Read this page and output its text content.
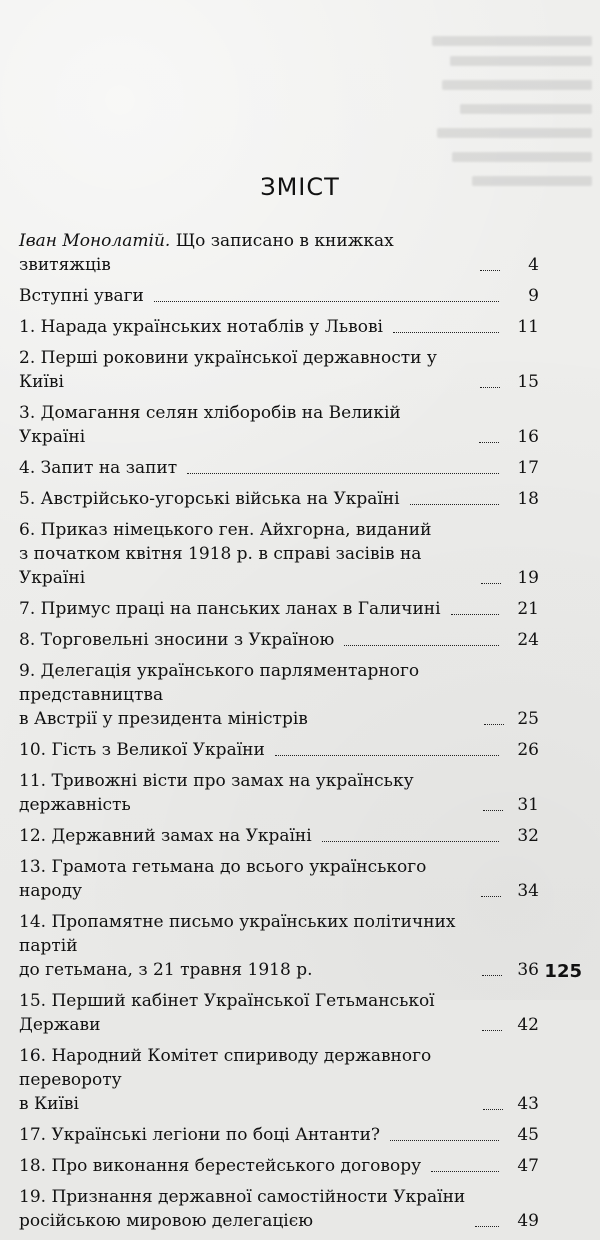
ЗМІСТ
Іван Монолатій. Що записано в книжках звитяжців	4
Вступні уваги	9
1. Нарада українських нотаблів у Львові	11
2. Перші роковини української державности у Київі	15
3. Домагання селян хліборобів на Великій Україні	16
4. Запит на запит	17
5. Австрійсько-угорські війська на Україні	18
6. Приказ німецького ген. Айхгорна, виданий
з початком квітня 1918 р. в справі засівів на Україні	19
7. Примус праці на панських ланах в Галичині	21
8. Торговельні зносини з Україною	24
9. Делегація українського парляментарного представництва
в Австрії у президента міністрів	25
10. Гість з Великої України	26
11. Тривожні вісти про замах на українську державність	31
12. Державний замах на Україні	32
13. Грамота гетьмана до всього українського народу	34
14. Пропамятне письмо українських політичних партій
до гетьмана, з 21 травня 1918 р.	36
15. Перший кабінет Української Гетьманської Держави	42
16. Народний Комітет спириводу державного перевороту
в Київі	43
17. Українські легіони по боці Антанти?	45
18. Про виконання берестейського договору	47
19. Признання державної самостійности України
російською мировою делегацією	49
125
